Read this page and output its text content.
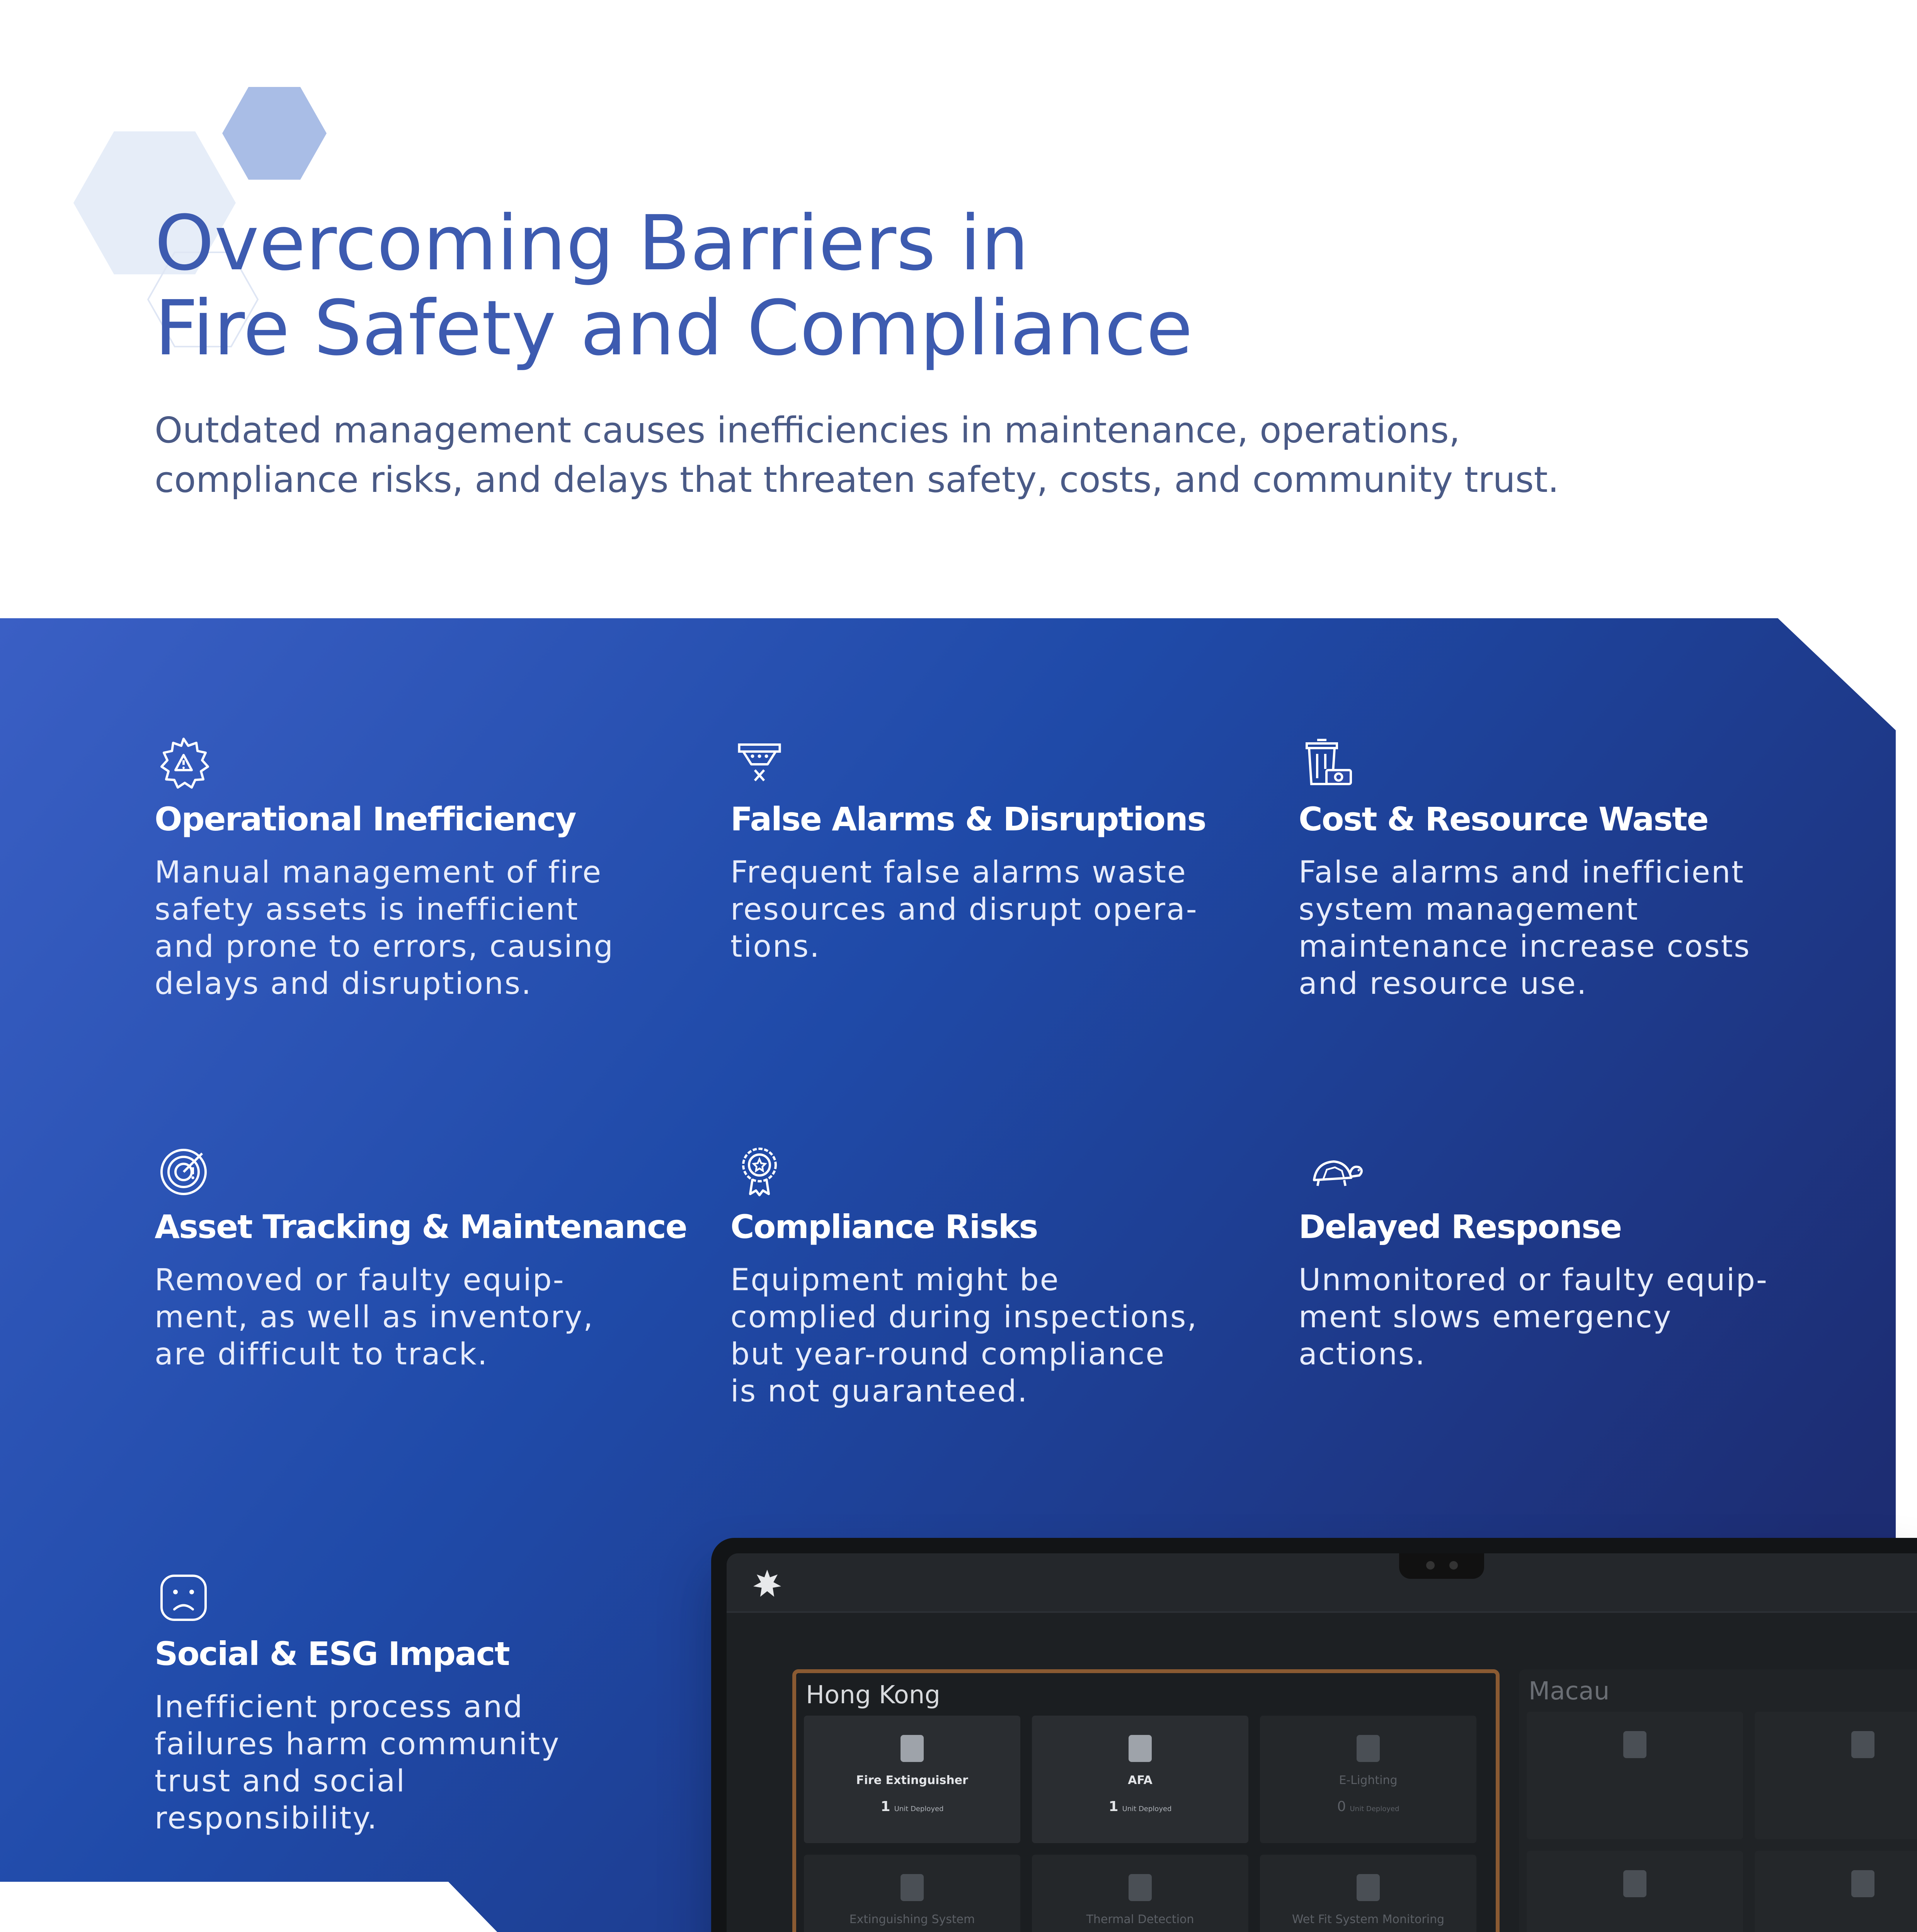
Overcoming Barriers in
Fire Safety and Compliance

Outdated management causes inefficiencies in maintenance, operations,
compliance risks, and delays that threaten safety, costs, and community trust.

Operational Inefficiency

Manual management of fire
safety assets is inefficient
and prone to errors, causing
delays and disruptions.

False Alarms & Disruptions

Frequent false alarms waste
resources and disrupt opera-
tions.

Cost & Resource Waste

False alarms and inefficient
system management
maintenance increase costs
and resource use.

Asset Tracking & Maintenance

Removed or faulty equip-
ment, as well as inventory,
are difficult to track.

Compliance Risks

Equipment might be
complied during inspections,
but year-round compliance
is not guaranteed.

Delayed Response

Unmonitored or faulty equip-
ment slows emergency
actions.

Social & ESG Impact

Inefficient process and
failures harm community
trust and social
responsibility.

Hong Kong
Fire Extinguisher
1 Unit Deployed
AFA
1 Unit Deployed
E-Lighting
0 Unit Deployed
Extinguishing System	Thermal Detection	Wet Fit System Monitoring
Macau
